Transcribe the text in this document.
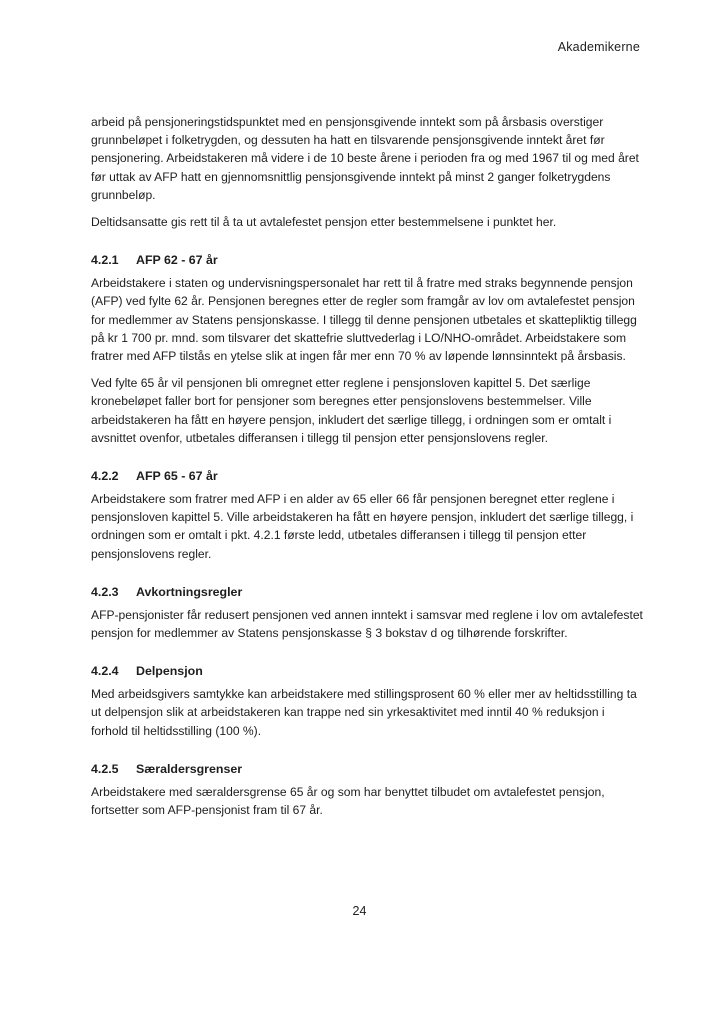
Akademikerne

arbeid på pensjoneringstidspunktet med en pensjonsgivende inntekt som på årsbasis overstiger grunnbeløpet i folketrygden, og dessuten ha hatt en tilsvarende pensjonsgivende inntekt året før pensjonering. Arbeidstakeren må videre i de 10 beste årene i perioden fra og med 1967 til og med året før uttak av AFP hatt en gjennomsnittlig pensjonsgivende inntekt på minst 2 ganger folketrygdens grunnbeløp.

Deltidsansatte gis rett til å ta ut avtalefestet pensjon etter bestemmelsene i punktet her.

4.2.1	AFP 62 - 67 år

Arbeidstakere i staten og undervisningspersonalet har rett til å fratre med straks begynnende pensjon (AFP) ved fylte 62 år. Pensjonen beregnes etter de regler som framgår av lov om avtalefestet pensjon for medlemmer av Statens pensjonskasse. I tillegg til denne pensjonen utbetales et skattepliktig tillegg på kr 1 700 pr. mnd. som tilsvarer det skattefrie sluttvederlag i LO/NHO-området. Arbeidstakere som fratrer med AFP tilstås en ytelse slik at ingen får mer enn 70 % av løpende lønnsinntekt på årsbasis.

Ved fylte 65 år vil pensjonen bli omregnet etter reglene i pensjonsloven kapittel 5. Det særlige kronebeløpet faller bort for pensjoner som beregnes etter pensjonslovens bestemmelser. Ville arbeidstakeren ha fått en høyere pensjon, inkludert det særlige tillegg, i ordningen som er omtalt i avsnittet ovenfor, utbetales differansen i tillegg til pensjon etter pensjonslovens regler.

4.2.2	AFP 65 - 67 år

Arbeidstakere som fratrer med AFP i en alder av 65 eller 66 får pensjonen beregnet etter reglene i pensjonsloven kapittel 5. Ville arbeidstakeren ha fått en høyere pensjon, inkludert det særlige tillegg, i ordningen som er omtalt i pkt. 4.2.1 første ledd, utbetales differansen i tillegg til pensjon etter pensjonslovens regler.

4.2.3	Avkortningsregler

AFP-pensjonister får redusert pensjonen ved annen inntekt i samsvar med reglene i lov om avtalefestet pensjon for medlemmer av Statens pensjonskasse § 3 bokstav d og tilhørende forskrifter.

4.2.4	Delpensjon

Med arbeidsgivers samtykke kan arbeidstakere med stillingsprosent 60 % eller mer av heltidsstilling ta ut delpensjon slik at arbeidstakeren kan trappe ned sin yrkesaktivitet med inntil 40 % reduksjon i forhold til heltidsstilling (100 %).

4.2.5	Særaldersgrenser

Arbeidstakere med særaldersgrense 65 år og som har benyttet tilbudet om avtalefestet pensjon, fortsetter som AFP-pensjonist fram til 67 år.

24
